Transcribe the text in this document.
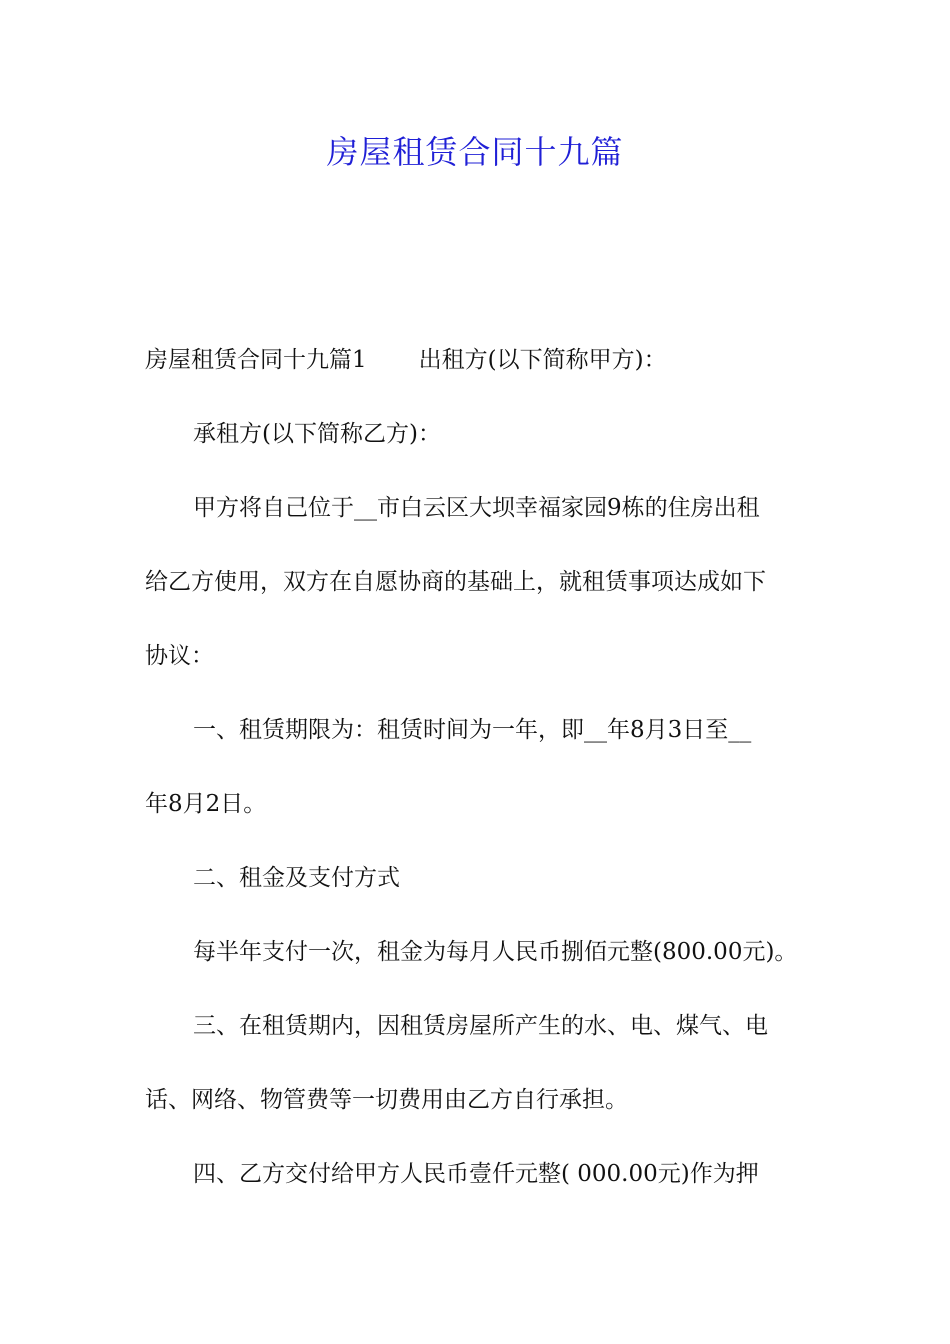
房屋租赁合同十九篇
房屋租赁合同十九篇1 出租方(以下简称甲方)：
承租方(以下简称乙方)：
甲方将自己位于__市白云区大坝幸福家园9栋的住房出租
给乙方使用，双方在自愿协商的基础上，就租赁事项达成如下
协议：
一、租赁期限为：租赁时间为一年，即__年8月3日至__
年8月2日。
二、租金及支付方式
每半年支付一次，租金为每月人民币捌佰元整(800.00元)。
三、在租赁期内，因租赁房屋所产生的水、电、煤气、电
话、网络、物管费等一切费用由乙方自行承担。
四、乙方交付给甲方人民币壹仟元整( 000.00元)作为押
